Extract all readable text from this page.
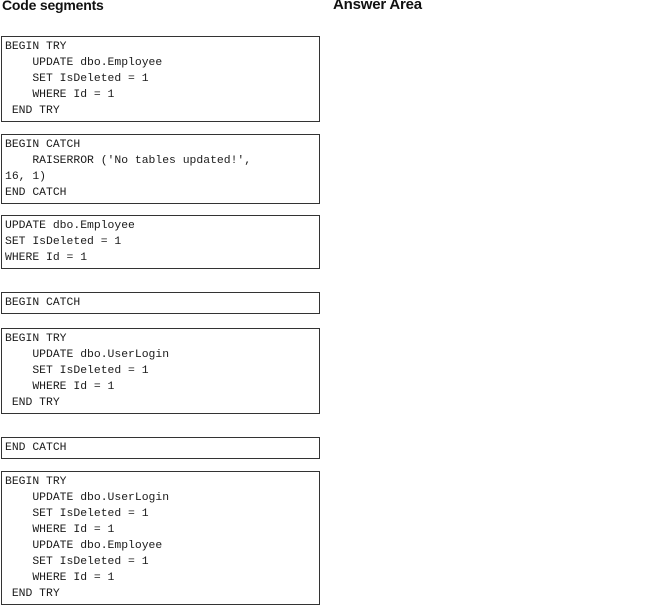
Code segments	Answer Area
BEGIN TRY
UPDATE dbo.Employee
SET IsDeleted = 1
WHERE Id = 1
END TRY
BEGIN CATCH
RAISERROR ('No tables updated!',
16, 1)
END CATCH
UPDATE dbo.Employee
SET IsDeleted = 1
WHERE Id = 1
BEGIN CATCH
BEGIN TRY
UPDATE dbo.UserLogin
SET IsDeleted = 1
WHERE Id = 1
END TRY
END CATCH
BEGIN TRY
UPDATE dbo.UserLogin
SET IsDeleted = 1
WHERE Id = 1
UPDATE dbo.Employee
SET IsDeleted = 1
WHERE Id = 1
END TRY
